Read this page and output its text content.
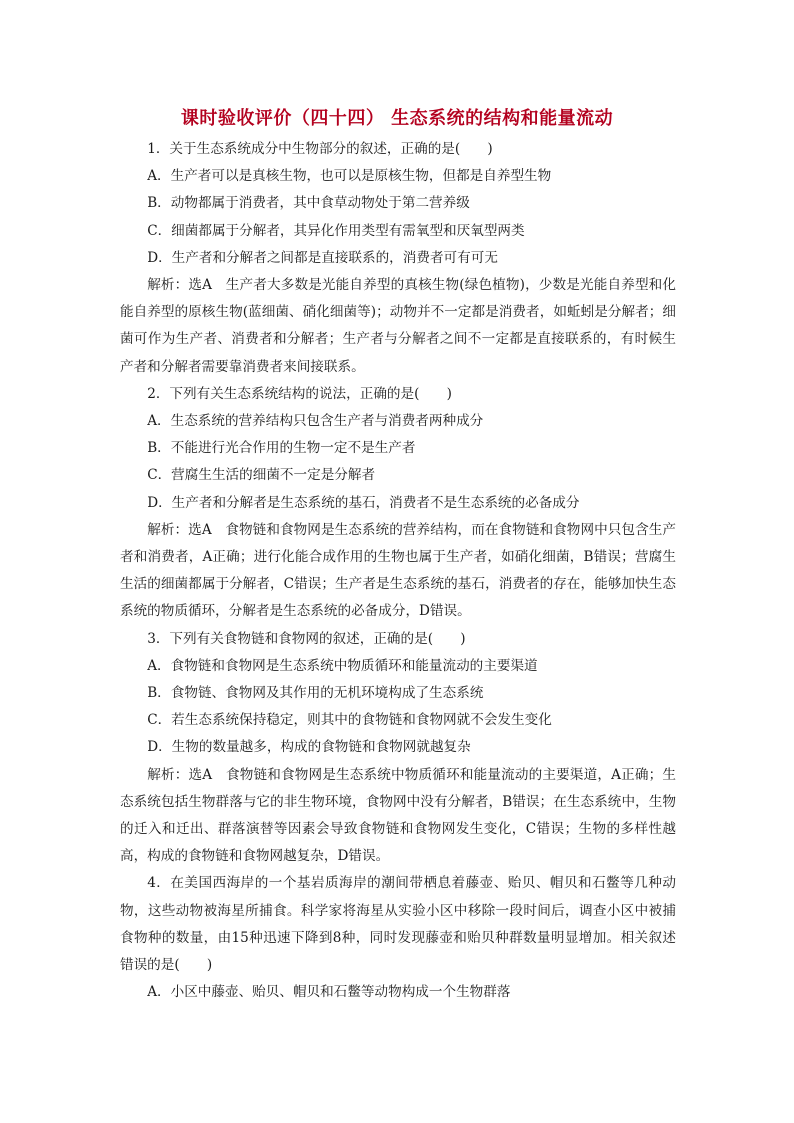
课时验收评价（四十四） 生态系统的结构和能量流动

1．关于生态系统成分中生物部分的叙述，正确的是(　　)

A．生产者可以是真核生物，也可以是原核生物，但都是自养型生物

B．动物都属于消费者，其中食草动物处于第二营养级

C．细菌都属于分解者，其异化作用类型有需氧型和厌氧型两类

D．生产者和分解者之间都是直接联系的，消费者可有可无

解析：选A　生产者大多数是光能自养型的真核生物(绿色植物)，少数是光能自养型和化能自养型的原核生物(蓝细菌、硝化细菌等)；动物并不一定都是消费者，如蚯蚓是分解者；细菌可作为生产者、消费者和分解者；生产者与分解者之间不一定都是直接联系的，有时候生产者和分解者需要靠消费者来间接联系。

2．下列有关生态系统结构的说法，正确的是(　　)

A．生态系统的营养结构只包含生产者与消费者两种成分

B．不能进行光合作用的生物一定不是生产者

C．营腐生生活的细菌不一定是分解者

D．生产者和分解者是生态系统的基石，消费者不是生态系统的必备成分

解析：选A　食物链和食物网是生态系统的营养结构，而在食物链和食物网中只包含生产者和消费者，A正确；进行化能合成作用的生物也属于生产者，如硝化细菌，B错误；营腐生生活的细菌都属于分解者，C错误；生产者是生态系统的基石，消费者的存在，能够加快生态系统的物质循环，分解者是生态系统的必备成分，D错误。

3．下列有关食物链和食物网的叙述，正确的是(　　)

A．食物链和食物网是生态系统中物质循环和能量流动的主要渠道

B．食物链、食物网及其作用的无机环境构成了生态系统

C．若生态系统保持稳定，则其中的食物链和食物网就不会发生变化

D．生物的数量越多，构成的食物链和食物网就越复杂

解析：选A　食物链和食物网是生态系统中物质循环和能量流动的主要渠道，A正确；生态系统包括生物群落与它的非生物环境，食物网中没有分解者，B错误；在生态系统中，生物的迁入和迁出、群落演替等因素会导致食物链和食物网发生变化，C错误；生物的多样性越高，构成的食物链和食物网越复杂，D错误。

4．在美国西海岸的一个基岩质海岸的潮间带栖息着藤壶、贻贝、帽贝和石鳖等几种动物，这些动物被海星所捕食。科学家将海星从实验小区中移除一段时间后，调查小区中被捕食物种的数量，由15种迅速下降到8种，同时发现藤壶和贻贝种群数量明显增加。相关叙述错误的是(　　)

A．小区中藤壶、贻贝、帽贝和石鳖等动物构成一个生物群落
